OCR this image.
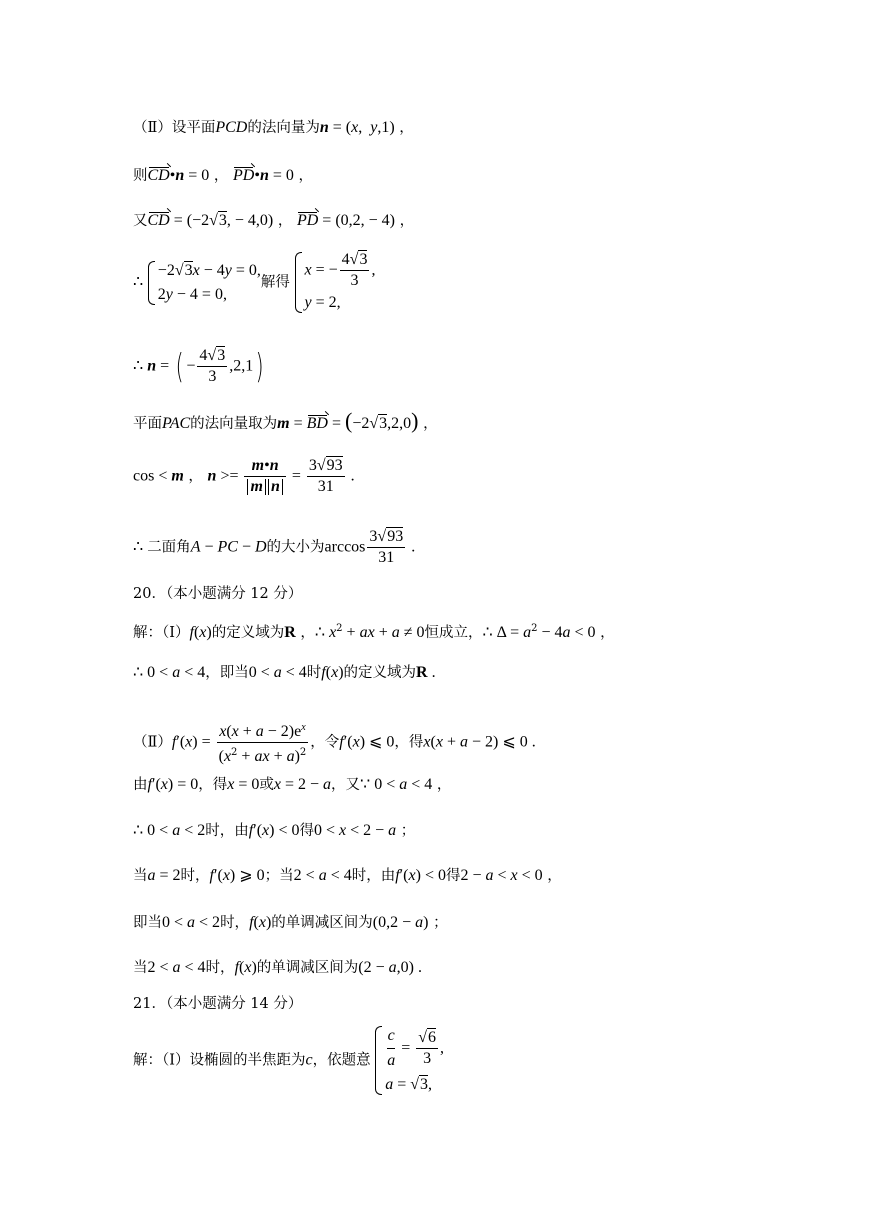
（Ⅱ）设平面PCD的法向量为n = (x,  y,1) ，
则CD•n = 0 ， PD•n = 0 ，
又CD = (−2√3, − 4,0) ， PD = (0,2, − 4) ，
∴
−2√3x − 4y = 0,
2y − 4 = 0,
解得
x = − $\frac{4√3}{3}$ ,
y = 2,
∴ n = ( − $\frac{4√3}{3} ,2,1$)
平面PAC的法向量取为m = BD = (−2√3,2,0) ，
cos < m ， $n >= \frac{m•n}{\text{m n}} = \frac{3√93}{31}$ .
∴ 二面角A − PC − D的大小为$\arccos \frac{3√93}{31}$ .
20．（本小题满分 12 分）
解：（Ⅰ）f(x)的定义域为R ，∴ $x^2$ + ax + a ≠ 0恒成立，∴ $\Delta = a^2 - 4a < 0$ ，
∴ 0 < a < 4，即当0 < a < 4时f(x)的定义域为R .
（Ⅱ）f′(x) = $\frac{x(x + a - 2)e^x}{(x^2 + ax + a)^2}$ ，令f′(x) ⩽ 0，得x(x + a − 2) ⩽ 0 .
由f′(x) = 0，得x = 0或x = 2 − a，又∵ 0 < a < 4 ，
∴ 0 < a < 2时，由f′(x) < 0得0 < x < 2 − a ；
当a = 2时，f′(x) ⩾ 0；当2 < a < 4时，由f′(x) < 0得2 − a < x < 0 ，
即当0 < a < 2时，f(x)的单调减区间为(0,2 − a) ；
当2 < a < 4时，f(x)的单调减区间为(2 − a,0) .
21．（本小题满分 14 分）
解：（Ⅰ）设椭圆的半焦距为c，依题意 $\frac{c}{a} = \frac{√6}{3}$ ,
a = √3,
